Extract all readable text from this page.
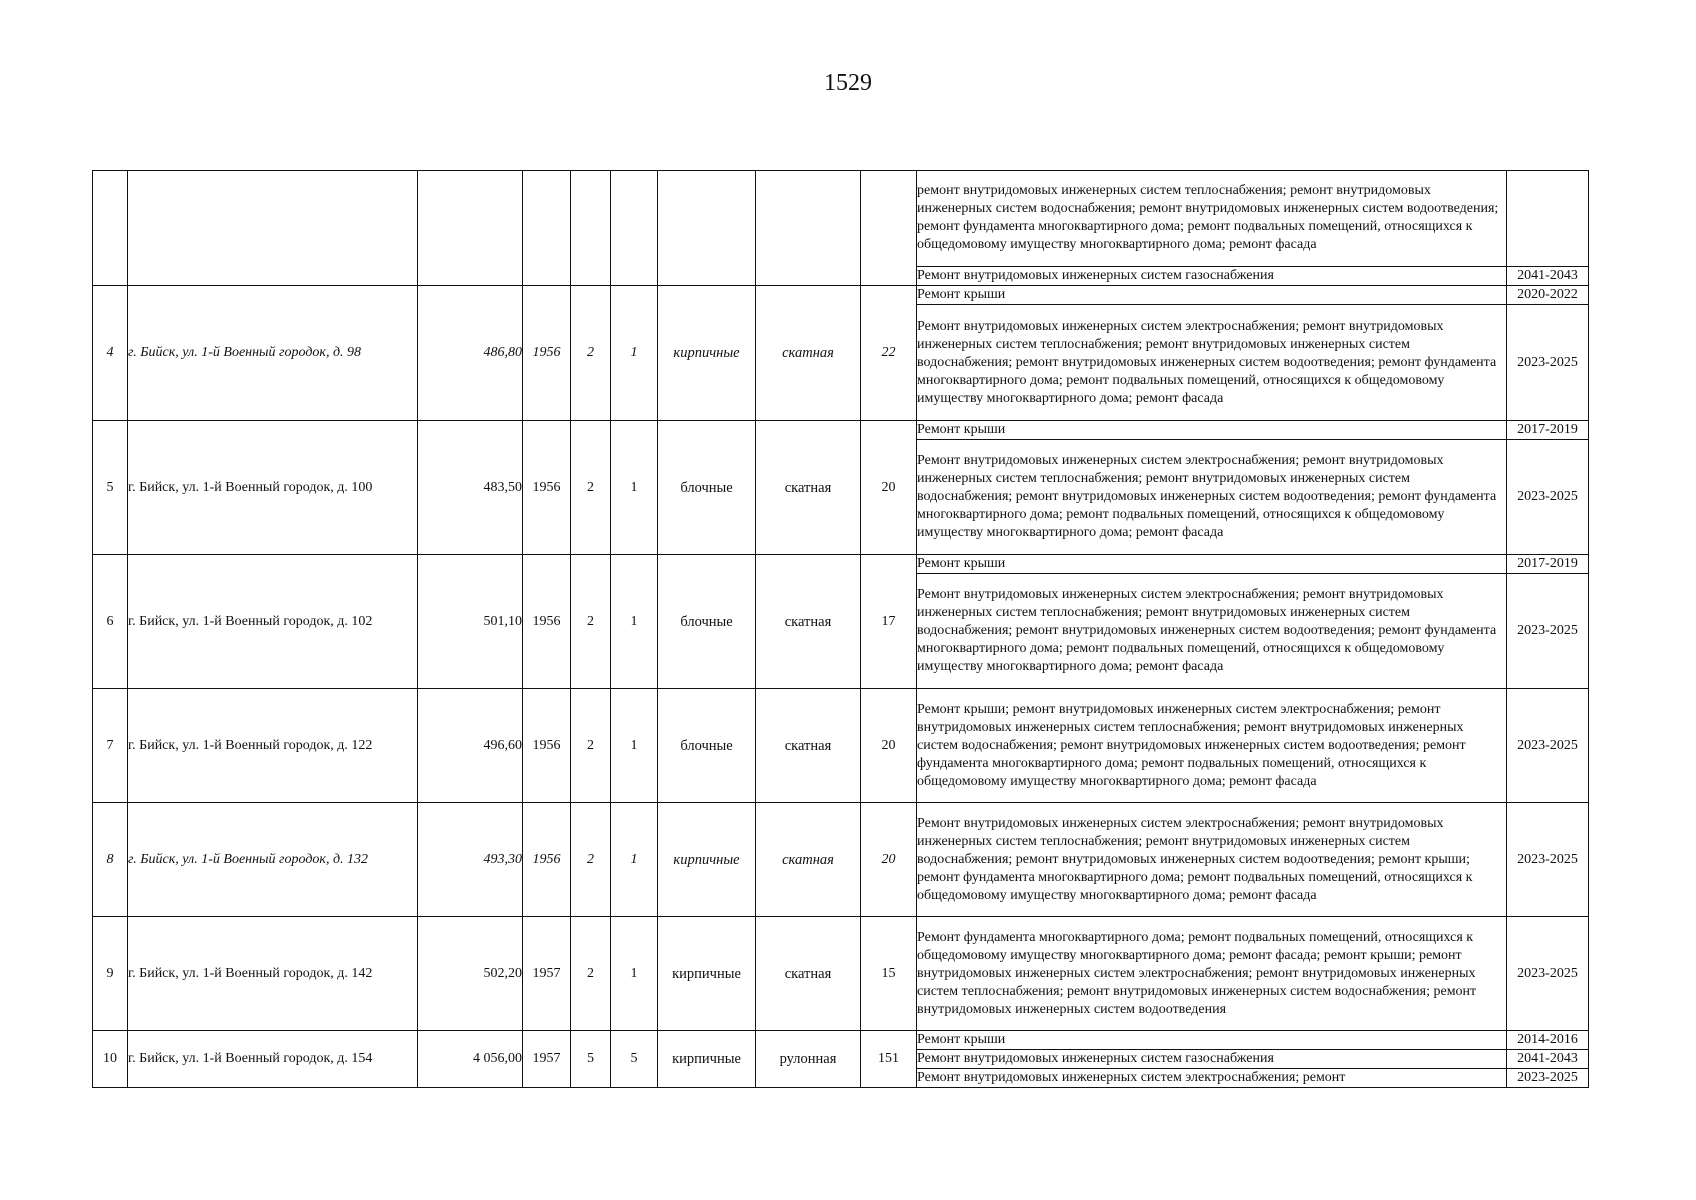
1529
									ремонт внутридомовых инженерных систем теплоснабжения; ремонт внутридомовых инженерных систем водоснабжения; ремонт внутридомовых инженерных систем водоотведения; ремонт фундамента многоквартирного дома; ремонт подвальных помещений, относящихся к общедомовому имуществу многоквартирного дома; ремонт фасада	
									Ремонт внутридомовых инженерных систем газоснабжения	2041-2043
4	г. Бийск, ул. 1-й Военный городок, д. 98	486,80	1956	2	1	кирпичные	скатная	22	Ремонт крыши	2020-2022
									Ремонт внутридомовых инженерных систем электроснабжения; ремонт внутридомовых инженерных систем теплоснабжения; ремонт внутридомовых инженерных систем водоснабжения; ремонт внутридомовых инженерных систем водоотведения; ремонт фундамента многоквартирного дома; ремонт подвальных помещений, относящихся к общедомовому имуществу многоквартирного дома; ремонт фасада	2023-2025
5	г. Бийск, ул. 1-й Военный городок, д. 100	483,50	1956	2	1	блочные	скатная	20	Ремонт крыши	2017-2019
									Ремонт внутридомовых инженерных систем электроснабжения; ремонт внутридомовых инженерных систем теплоснабжения; ремонт внутридомовых инженерных систем водоснабжения; ремонт внутридомовых инженерных систем водоотведения; ремонт фундамента многоквартирного дома; ремонт подвальных помещений, относящихся к общедомовому имуществу многоквартирного дома; ремонт фасада	2023-2025
6	г. Бийск, ул. 1-й Военный городок, д. 102	501,10	1956	2	1	блочные	скатная	17	Ремонт крыши	2017-2019
									Ремонт внутридомовых инженерных систем электроснабжения; ремонт внутридомовых инженерных систем теплоснабжения; ремонт внутридомовых инженерных систем водоснабжения; ремонт внутридомовых инженерных систем водоотведения; ремонт фундамента многоквартирного дома; ремонт подвальных помещений, относящихся к общедомовому имуществу многоквартирного дома; ремонт фасада	2023-2025
7	г. Бийск, ул. 1-й Военный городок, д. 122	496,60	1956	2	1	блочные	скатная	20	Ремонт крыши; ремонт внутридомовых инженерных систем электроснабжения; ремонт внутридомовых инженерных систем теплоснабжения; ремонт внутридомовых инженерных систем водоснабжения; ремонт внутридомовых инженерных систем водоотведения; ремонт фундамента многоквартирного дома; ремонт подвальных помещений, относящихся к общедомовому имуществу многоквартирного дома; ремонт фасада	2023-2025
8	г. Бийск, ул. 1-й Военный городок, д. 132	493,30	1956	2	1	кирпичные	скатная	20	Ремонт внутридомовых инженерных систем электроснабжения; ремонт внутридомовых инженерных систем теплоснабжения; ремонт внутридомовых инженерных систем водоснабжения; ремонт внутридомовых инженерных систем водоотведения; ремонт крыши; ремонт фундамента многоквартирного дома; ремонт подвальных помещений, относящихся к общедомовому имуществу многоквартирного дома; ремонт фасада	2023-2025
9	г. Бийск, ул. 1-й Военный городок, д. 142	502,20	1957	2	1	кирпичные	скатная	15	Ремонт фундамента многоквартирного дома; ремонт подвальных помещений, относящихся к общедомовому имуществу многоквартирного дома; ремонт фасада; ремонт крыши; ремонт внутридомовых инженерных систем электроснабжения; ремонт внутридомовых инженерных систем теплоснабжения; ремонт внутридомовых инженерных систем водоснабжения; ремонт внутридомовых инженерных систем водоотведения	2023-2025
10	г. Бийск, ул. 1-й Военный городок, д. 154	4 056,00	1957	5	5	кирпичные	рулонная	151	Ремонт крыши	2014-2016
									Ремонт внутридомовых инженерных систем газоснабжения	2041-2043
									Ремонт внутридомовых инженерных систем электроснабжения; ремонт	2023-2025
